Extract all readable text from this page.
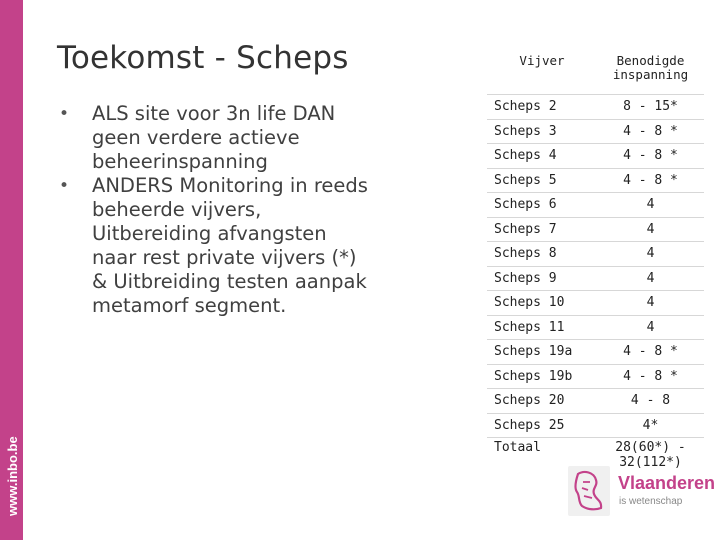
www.inbo.be
Toekomst - Scheps
• ALS site voor 3n life DAN geen verdere actieve beheerinspanning
• ANDERS Monitoring in reeds beheerde vijvers, Uitbereiding afvangsten naar rest private vijvers (*) & Uitbreiding testen aanpak metamorf segment.
Vijver	Benodigde inspanning
Scheps 2	8 - 15*
Scheps 3	4 - 8 *
Scheps 4	4 - 8 *
Scheps 5	4 - 8 *
Scheps 6	4
Scheps 7	4
Scheps 8	4
Scheps 9	4
Scheps 10	4
Scheps 11	4
Scheps 19a	4 - 8 *
Scheps 19b	4 - 8 *
Scheps 20	4 - 8
Scheps 25	4*
Totaal	28(60*) - 32(112*)
Vlaanderen
is wetenschap
